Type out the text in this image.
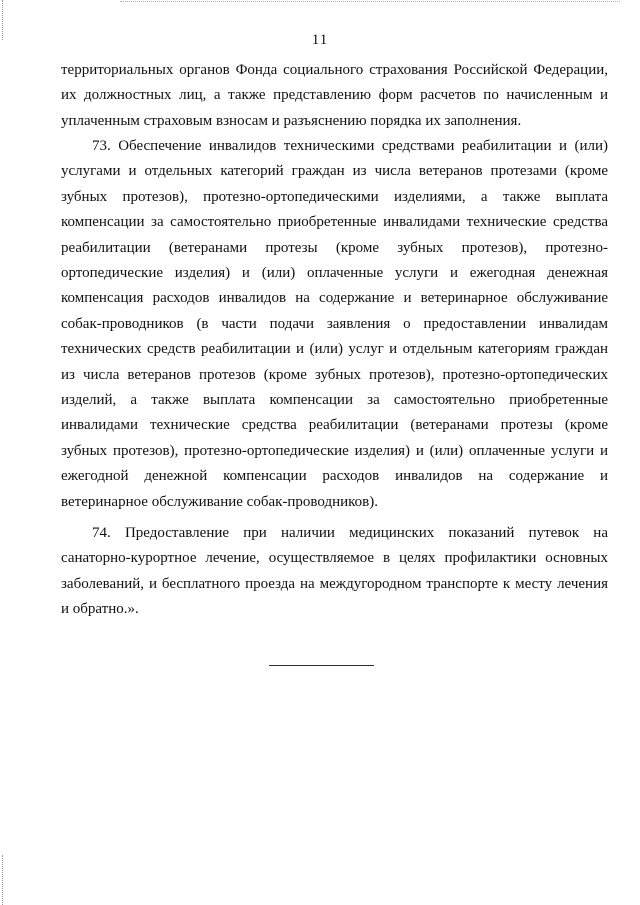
11
территориальных органов Фонда социального страхования Российской Федерации,
их должностных лиц, а также представлению форм расчетов по начисленным и
уплаченным страховым взносам и разъяснению порядка их заполнения.
73. Обеспечение инвалидов техническими средствами реабилитации и (или)
услугами и отдельных категорий граждан из числа ветеранов протезами (кроме
зубных протезов), протезно-ортопедическими изделиями, а также выплата
компенсации за самостоятельно приобретенные инвалидами технические средства
реабилитации (ветеранами протезы (кроме зубных протезов), протезно-
ортопедические изделия) и (или) оплаченные услуги и ежегодная денежная
компенсация расходов инвалидов на содержание и ветеринарное обслуживание
собак-проводников (в части подачи заявления о предоставлении инвалидам
технических средств реабилитации и (или) услуг и отдельным категориям граждан
из числа ветеранов протезов (кроме зубных протезов), протезно-ортопедических
изделий, а также выплата компенсации за самостоятельно приобретенные
инвалидами технические средства реабилитации (ветеранами протезы (кроме
зубных протезов), протезно-ортопедические изделия) и (или) оплаченные услуги и
ежегодной денежной компенсации расходов инвалидов на содержание и
ветеринарное обслуживание собак-проводников).
74. Предоставление при наличии медицинских показаний путевок на
санаторно-курортное лечение, осуществляемое в целях профилактики основных
заболеваний, и бесплатного проезда на междугородном транспорте к месту лечения
и обратно.».
